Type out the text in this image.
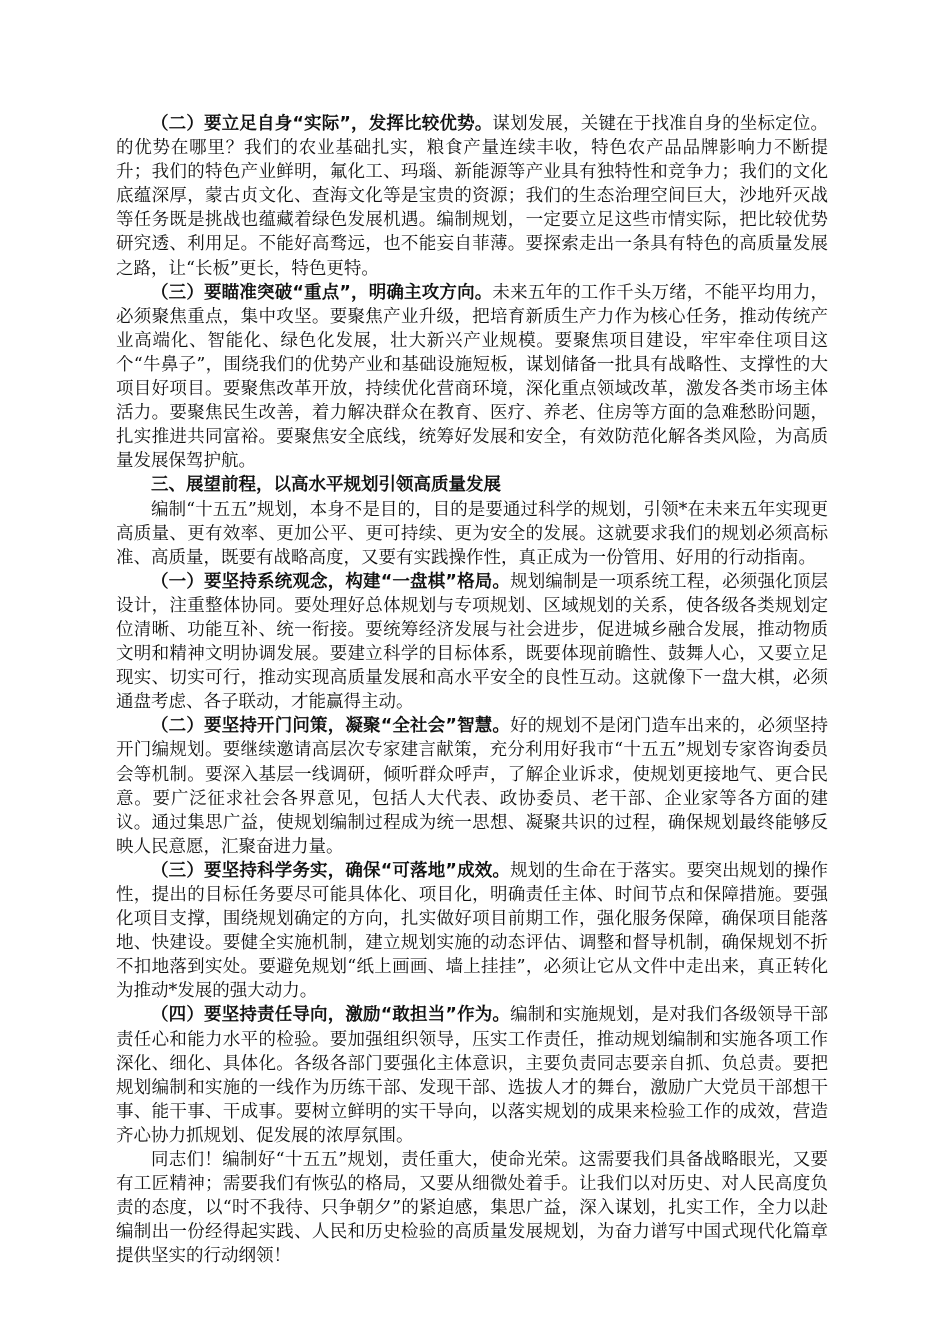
（二）要立足自身“实际”，发挥比较优势。谋划发展，关键在于找准自身的坐标定位。的优势在哪里？我们的农业基础扎实，粮食产量连续丰收，特色农产品品牌影响力不断提升；我们的特色产业鲜明，氟化工、玛瑙、新能源等产业具有独特性和竞争力；我们的文化底蕴深厚，蒙古贞文化、查海文化等是宝贵的资源；我们的生态治理空间巨大，沙地歼灭战等任务既是挑战也蕴藏着绿色发展机遇。编制规划，一定要立足这些市情实际，把比较优势研究透、利用足。不能好高骛远，也不能妄自菲薄。要探索走出一条具有特色的高质量发展之路，让“长板”更长，特色更特。

（三）要瞄准突破“重点”，明确主攻方向。未来五年的工作千头万绪，不能平均用力，必须聚焦重点，集中攻坚。要聚焦产业升级，把培育新质生产力作为核心任务，推动传统产业高端化、智能化、绿色化发展，壮大新兴产业规模。要聚焦项目建设，牢牢牵住项目这个“牛鼻子”，围绕我们的优势产业和基础设施短板，谋划储备一批具有战略性、支撑性的大项目好项目。要聚焦改革开放，持续优化营商环境，深化重点领域改革，激发各类市场主体活力。要聚焦民生改善，着力解决群众在教育、医疗、养老、住房等方面的急难愁盼问题，扎实推进共同富裕。要聚焦安全底线，统筹好发展和安全，有效防范化解各类风险，为高质量发展保驾护航。

三、展望前程，以高水平规划引领高质量发展

编制“十五五”规划，本身不是目的，目的是要通过科学的规划，引领*在未来五年实现更高质量、更有效率、更加公平、更可持续、更为安全的发展。这就要求我们的规划必须高标准、高质量，既要有战略高度，又要有实践操作性，真正成为一份管用、好用的行动指南。

（一）要坚持系统观念，构建“一盘棋”格局。规划编制是一项系统工程，必须强化顶层设计，注重整体协同。要处理好总体规划与专项规划、区域规划的关系，使各级各类规划定位清晰、功能互补、统一衔接。要统筹经济发展与社会进步，促进城乡融合发展，推动物质文明和精神文明协调发展。要建立科学的目标体系，既要体现前瞻性、鼓舞人心，又要立足现实、切实可行，推动实现高质量发展和高水平安全的良性互动。这就像下一盘大棋，必须通盘考虑、各子联动，才能赢得主动。

（二）要坚持开门问策，凝聚“全社会”智慧。好的规划不是闭门造车出来的，必须坚持开门编规划。要继续邀请高层次专家建言献策，充分利用好我市“十五五”规划专家咨询委员会等机制。要深入基层一线调研，倾听群众呼声，了解企业诉求，使规划更接地气、更合民意。要广泛征求社会各界意见，包括人大代表、政协委员、老干部、企业家等各方面的建议。通过集思广益，使规划编制过程成为统一思想、凝聚共识的过程，确保规划最终能够反映人民意愿，汇聚奋进力量。

（三）要坚持科学务实，确保“可落地”成效。规划的生命在于落实。要突出规划的操作性，提出的目标任务要尽可能具体化、项目化，明确责任主体、时间节点和保障措施。要强化项目支撑，围绕规划确定的方向，扎实做好项目前期工作，强化服务保障，确保项目能落地、快建设。要健全实施机制，建立规划实施的动态评估、调整和督导机制，确保规划不折不扣地落到实处。要避免规划“纸上画画、墙上挂挂”，必须让它从文件中走出来，真正转化为推动*发展的强大动力。

（四）要坚持责任导向，激励“敢担当”作为。编制和实施规划，是对我们各级领导干部责任心和能力水平的检验。要加强组织领导，压实工作责任，推动规划编制和实施各项工作深化、细化、具体化。各级各部门要强化主体意识，主要负责同志要亲自抓、负总责。要把规划编制和实施的一线作为历练干部、发现干部、选拔人才的舞台，激励广大党员干部想干事、能干事、干成事。要树立鲜明的实干导向，以落实规划的成果来检验工作的成效，营造齐心协力抓规划、促发展的浓厚氛围。

同志们！编制好“十五五”规划，责任重大，使命光荣。这需要我们具备战略眼光，又要有工匠精神；需要我们有恢弘的格局，又要从细微处着手。让我们以对历史、对人民高度负责的态度，以“时不我待、只争朝夕”的紧迫感，集思广益，深入谋划，扎实工作，全力以赴编制出一份经得起实践、人民和历史检验的高质量发展规划，为奋力谱写中国式现代化篇章提供坚实的行动纲领！
